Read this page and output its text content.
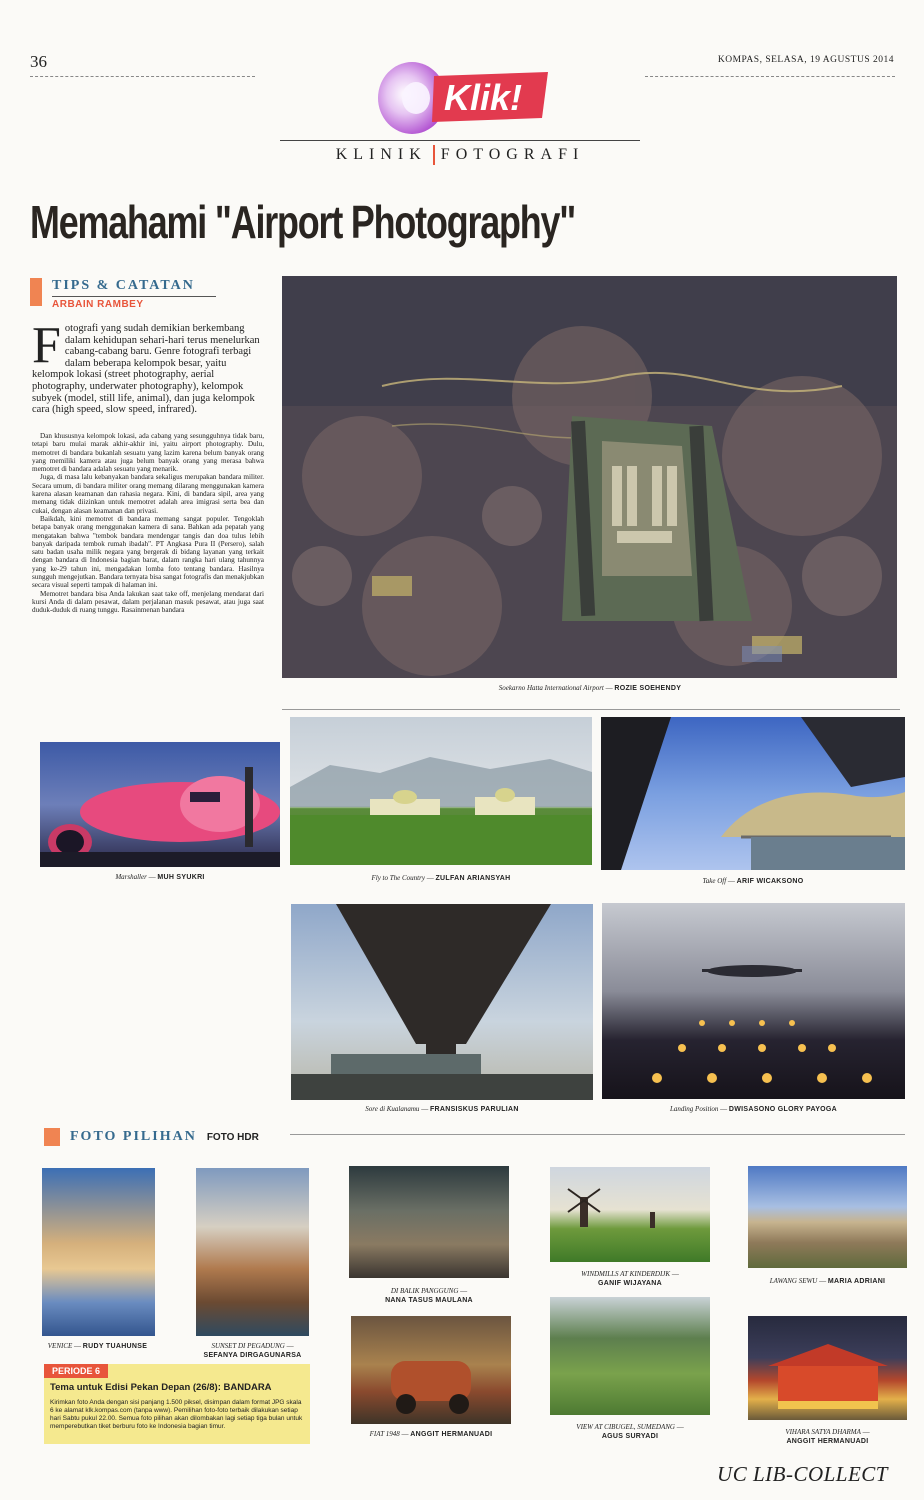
36	KOMPAS, SELASA, 19 AGUSTUS 2014
Klik!
KLINIK FOTOGRAFI
Memahami "Airport Photography"
TIPS & CATATAN
ARBAIN RAMBEY
Fotografi yang sudah demikian berkembang dalam kehidupan sehari-hari terus menelurkan cabang-cabang baru. Genre fotografi terbagi dalam beberapa kelompok besar, yaitu kelompok lokasi (street photography, aerial photography, underwater photography), kelompok subyek (model, still life, animal), dan juga kelompok cara (high speed, slow speed, infrared).

Dan khususnya kelompok lokasi, ada cabang yang sesungguhnya tidak baru, tetapi baru mulai marak akhir-akhir ini, yaitu airport photography. Dulu, memotret di bandara bukanlah sesuatu yang lazim karena belum banyak orang yang memiliki kamera atau juga belum banyak orang yang merasa bahwa memotret di bandara adalah sesuatu yang menarik.

Juga, di masa lalu kebanyakan bandara sekaligus merupakan bandara militer. Secara umum, di bandara militer orang memang dilarang menggunakan kamera karena alasan keamanan dan rahasia negara. Kini, di bandara sipil, area yang memang tidak diizinkan untuk memotret adalah area imigrasi serta bea dan cukai, dengan alasan keamanan dan privasi.

Baikdah, kini memotret di bandara memang sangat populer. Tengoklah betapa banyak orang menggunakan kamera di sana. Bahkan ada pepatah yang mengatakan bahwa "tembok bandara mendengar tangis dan doa tulus lebih banyak daripada tembok rumah ibadah". PT Angkasa Pura II (Persero), salah satu badan usaha milik negara yang bergerak di bidang layanan yang terkait dengan bandara di Indonesia bagian barat, dalam rangka hari ulang tahunnya yang ke-29 tahun ini, mengadakan lomba foto tentang bandara. Hasilnya sungguh mengejutkan. Bandara ternyata bisa sangat fotografis dan menakjubkan secara visual seperti tampak di halaman ini.

Memotret bandara bisa Anda lakukan saat take off, menjelang mendarat dari kursi Anda di dalam pesawat, dalam perjalanan masuk pesawat, atau juga saat duduk-duduk di ruang tunggu. Rasainmenan bandara

Soekarno Hatta International Airport — ROZIE SOEHENDY
Marshaller — MUH SYUKRI	Fly to The Country — ZULFAN ARIANSYAH	Take Off — ARIF WICAKSONO
Sore di Kualanamu — FRANSISKUS PARULIAN	Landing Position — DWISASONO GLORY PAYOGA
FOTO PILIHAN FOTO HDR
VENICE — RUDY TUAHUNSE	SUNSET DI PEGADUNG —
SEFANYA DIRGAGUNARSA
DI BALIK PANGGUNG —
NANA TASUS MAULANA
WINDMILLS AT KINDERDIJK —
GANIF WIJAYANA	LAWANG SEWU — MARIA ADRIANI
FIAT 1948 — ANGGIT HERMANUADI
VIEW AT CIBUGEL, SUMEDANG —
AGUS SURYADI
VIHARA SATYA DHARMA —
ANGGIT HERMANUADI
PERIODE 6
Tema untuk Edisi Pekan Depan (26/8): BANDARA
Kirimkan foto Anda dengan sisi panjang 1.500 piksel, disimpan dalam format JPG skala 6 ke alamat klk.kompas.com (tanpa www). Pemilihan foto-foto terbaik dilakukan setiap hari Sabtu pukul 22.00. Semua foto pilihan akan dilombakan lagi setiap tiga bulan untuk memperebutkan tiket berburu foto ke Indonesia bagian timur.
UC LIB-COLLECT
